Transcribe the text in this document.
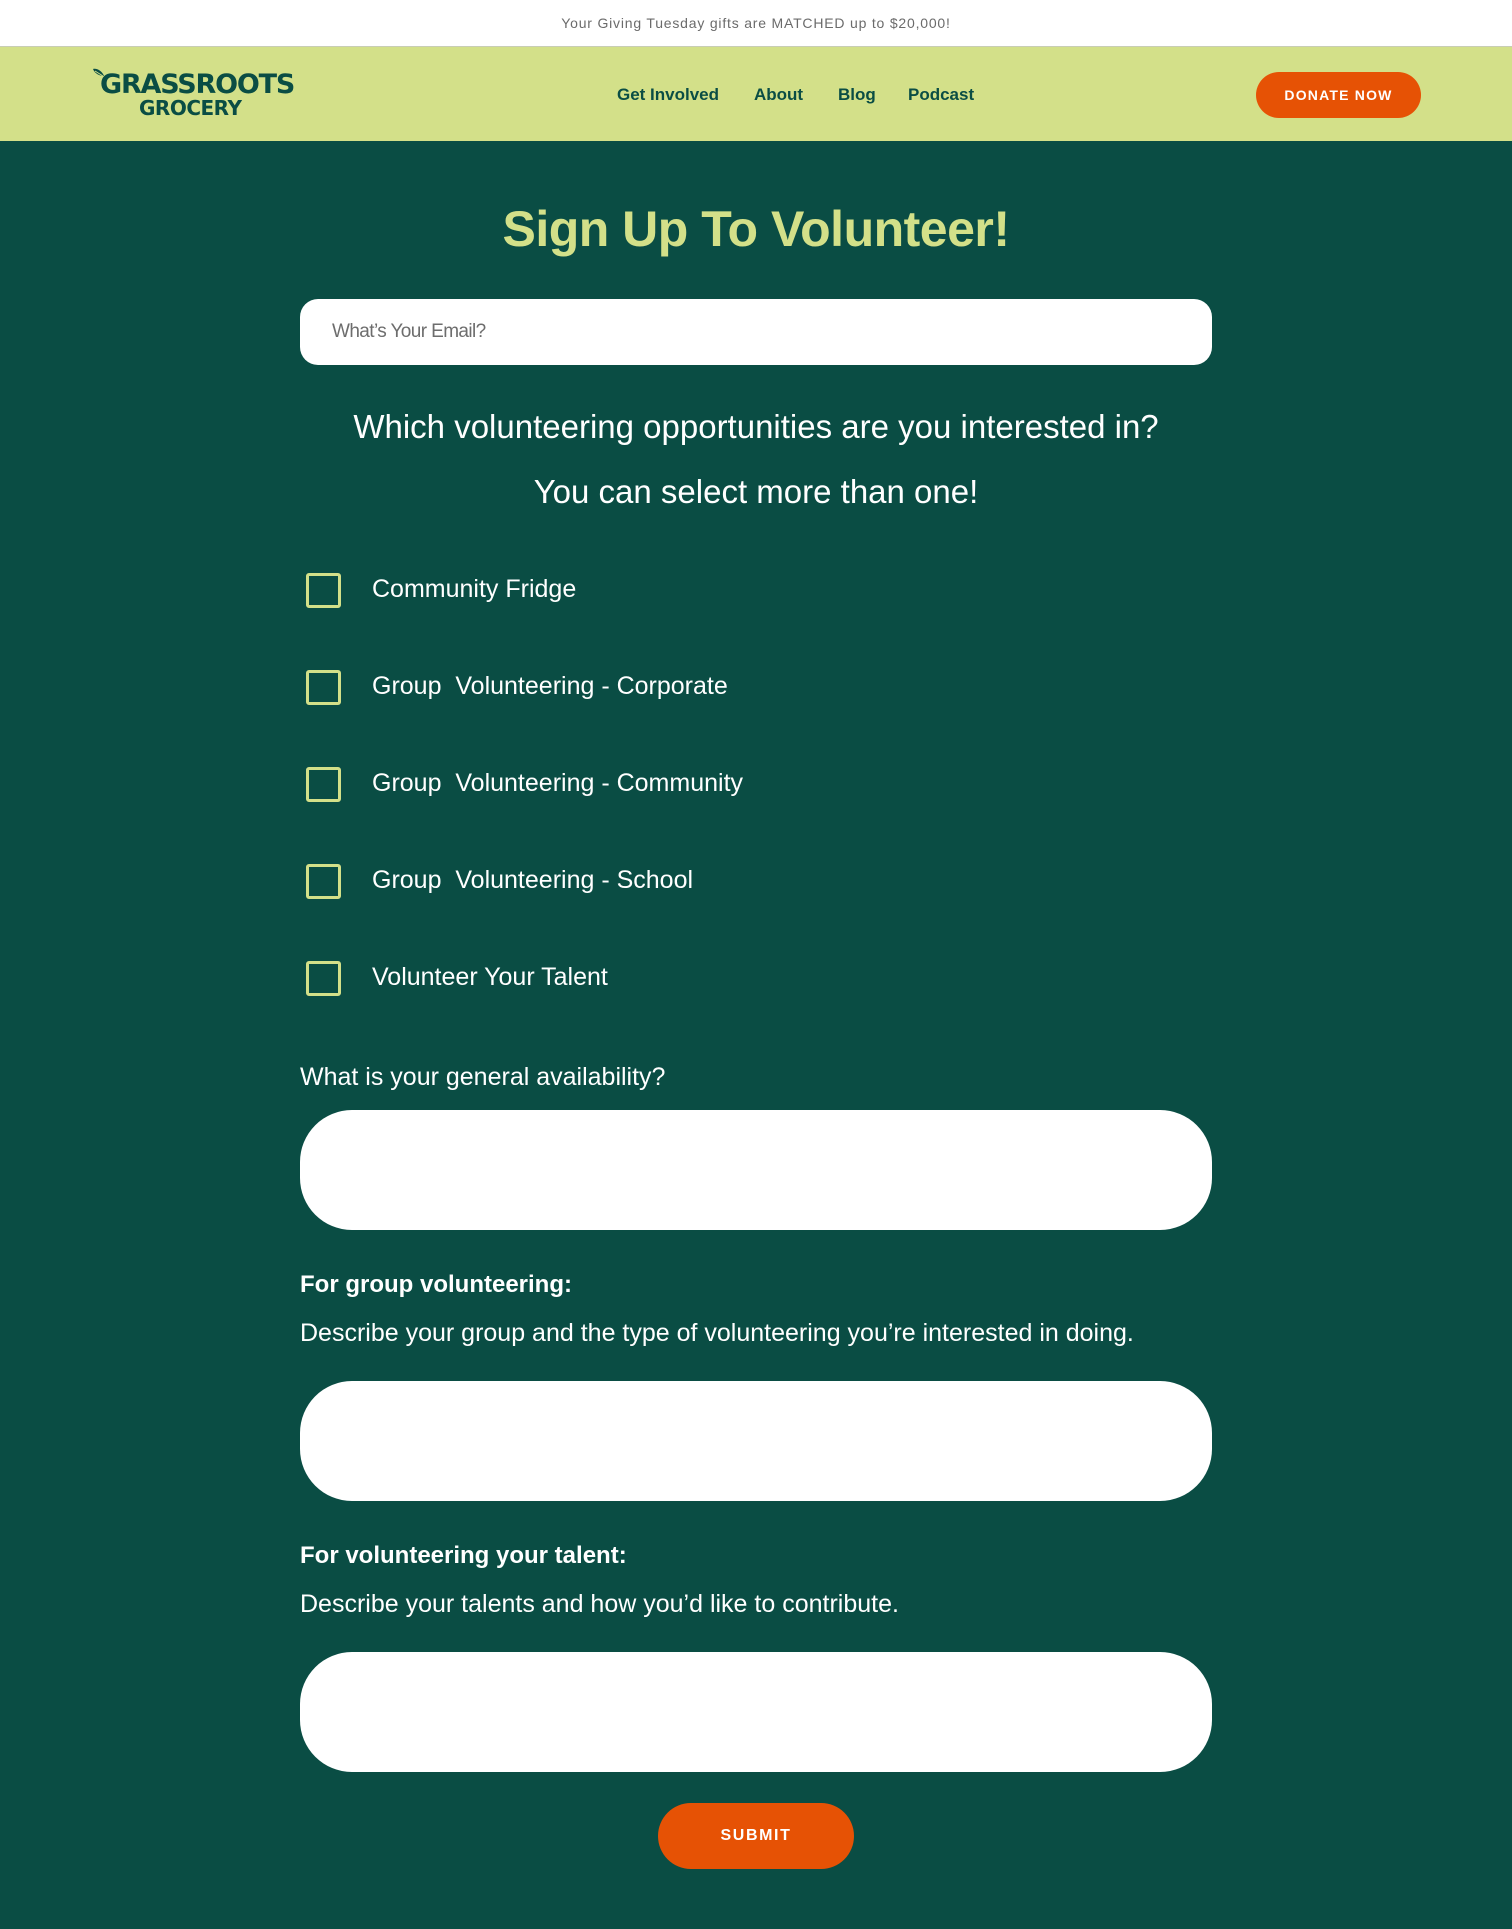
Your Giving Tuesday gifts are MATCHED up to $20,000!
GRASSROOTS
GROCERY
Get Involved About Blog Podcast	DONATE NOW
Sign Up To Volunteer!
What’s Your Email?
Which volunteering opportunities are you interested in?
You can select more than one!
Community Fridge
Group  Volunteering - Corporate
Group  Volunteering - Community
Group  Volunteering - School
Volunteer Your Talent
What is your general availability?
For group volunteering:
Describe your group and the type of volunteering you’re interested in doing.
For volunteering your talent:
Describe your talents and how you’d like to contribute.
SUBMIT
